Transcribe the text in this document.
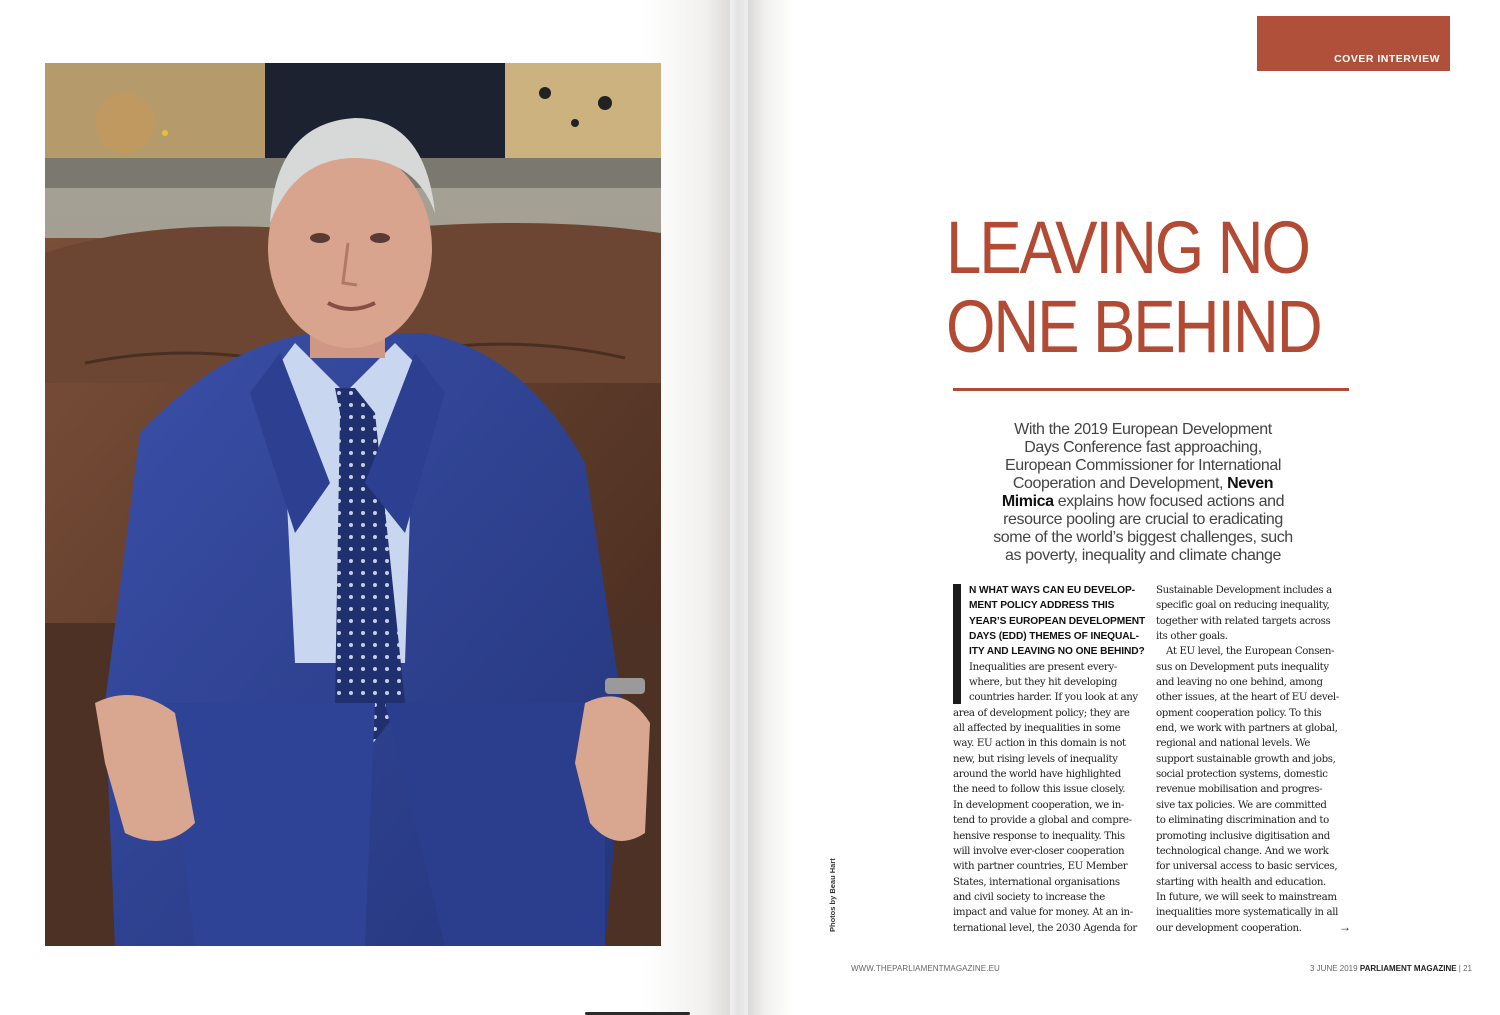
COVER INTERVIEW
LEAVING NO
ONE BEHIND

With the 2019 European Development
Days Conference fast approaching,
European Commissioner for International
Cooperation and Development, Neven
Mimica explains how focused actions and
resource pooling are crucial to eradicating
some of the world’s biggest challenges, such
as poverty, inequality and climate change

N WHAT WAYS CAN EU DEVELOP-
MENT POLICY ADDRESS THIS
YEAR’S EUROPEAN DEVELOPMENT
DAYS (EDD) THEMES OF INEQUAL-
ITY AND LEAVING NO ONE BEHIND?
Inequalities are present every-
where, but they hit developing
countries harder. If you look at any
area of development policy; they are
all affected by inequalities in some
way. EU action in this domain is not
new, but rising levels of inequality
around the world have highlighted
the need to follow this issue closely.
In development cooperation, we in-
tend to provide a global and compre-
hensive response to inequality. This
will involve ever-closer cooperation
with partner countries, EU Member
States, international organisations
and civil society to increase the
impact and value for money. At an in-
ternational level, the 2030 Agenda for
Sustainable Development includes a
specific goal on reducing inequality,
together with related targets across
its other goals.
At EU level, the European Consen-
sus on Development puts inequality
and leaving no one behind, among
other issues, at the heart of EU devel-
opment cooperation policy. To this
end, we work with partners at global,
regional and national levels. We
support sustainable growth and jobs,
social protection systems, domestic
revenue mobilisation and progres-
sive tax policies. We are committed
to eliminating discrimination and to
promoting inclusive digitisation and
technological change. And we work
for universal access to basic services,
starting with health and education.
In future, we will seek to mainstream
inequalities more systematically in all
our development cooperation.	→
Photos by Beau Hart
WWW.THEPARLIAMENTMAGAZINE.EU	3 JUNE 2019 PARLIAMENT MAGAZINE | 21
